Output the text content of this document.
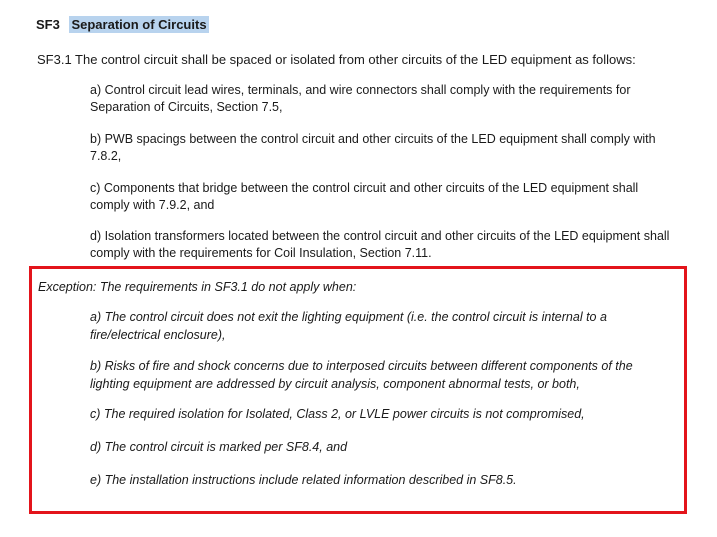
SF3 Separation of Circuits
SF3.1 The control circuit shall be spaced or isolated from other circuits of the LED equipment as follows:
a) Control circuit lead wires, terminals, and wire connectors shall comply with the requirements for Separation of Circuits, Section 7.5,
b) PWB spacings between the control circuit and other circuits of the LED equipment shall comply with 7.8.2,
c) Components that bridge between the control circuit and other circuits of the LED equipment shall comply with 7.9.2, and
d) Isolation transformers located between the control circuit and other circuits of the LED equipment shall comply with the requirements for Coil Insulation, Section 7.11.
Exception: The requirements in SF3.1 do not apply when:
a) The control circuit does not exit the lighting equipment (i.e. the control circuit is internal to a fire/electrical enclosure),
b) Risks of fire and shock concerns due to interposed circuits between different components of the lighting equipment are addressed by circuit analysis, component abnormal tests, or both,
c) The required isolation for Isolated, Class 2, or LVLE power circuits is not compromised,
d) The control circuit is marked per SF8.4, and
e) The installation instructions include related information described in SF8.5.
